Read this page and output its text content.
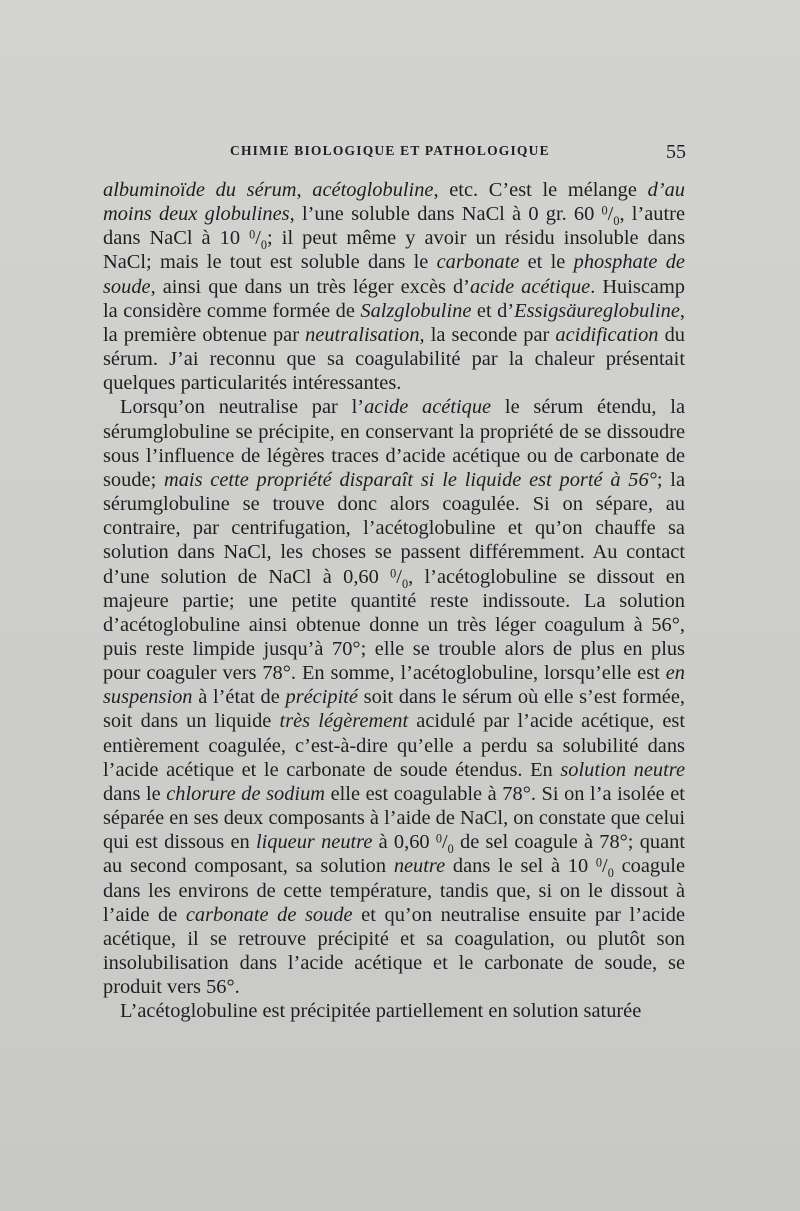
CHIMIE BIOLOGIQUE ET PATHOLOGIQUE	55

albuminoïde du sérum, acétoglobuline, etc. C’est le mélange d’au moins deux globulines, l’une soluble dans NaCl à 0 gr. 60 $^0/_0$, l’autre dans NaCl à 10 $^0/_0$; il peut même y avoir un résidu insoluble dans NaCl; mais le tout est soluble dans le carbonate et le phosphate de soude, ainsi que dans un très léger excès d’acide acétique. Huiscamp la considère comme formée de Salzglobuline et d’Essigsäureglobuline, la première obtenue par neutralisation, la seconde par acidification du sérum. J’ai reconnu que sa coagulabilité par la chaleur présentait quelques particularités intéressantes.

Lorsqu’on neutralise par l’acide acétique le sérum étendu, la sérumglobuline se précipite, en conservant la propriété de se dissoudre sous l’influence de légères traces d’acide acétique ou de carbonate de soude; mais cette propriété disparaît si le liquide est porté à 56°; la sérumglobuline se trouve donc alors coagulée. Si on sépare, au contraire, par centrifugation, l’acétoglobuline et qu’on chauffe sa solution dans NaCl, les choses se passent différemment. Au contact d’une solution de NaCl à 0,60 $^0/_0$, l’acétoglobuline se dissout en majeure partie; une petite quantité reste indissoute. La solution d’acétoglobuline ainsi obtenue donne un très léger coagulum à 56°, puis reste limpide jusqu’à 70°; elle se trouble alors de plus en plus pour coaguler vers 78°. En somme, l’acétoglobuline, lorsqu’elle est en suspension à l’état de précipité soit dans le sérum où elle s’est formée, soit dans un liquide très légèrement acidulé par l’acide acétique, est entièrement coagulée, c’est-à-dire qu’elle a perdu sa solubilité dans l’acide acétique et le carbonate de soude étendus. En solution neutre dans le chlorure de sodium elle est coagulable à 78°. Si on l’a isolée et séparée en ses deux composants à l’aide de NaCl, on constate que celui qui est dissous en liqueur neutre à 0,60 $^0/_0$ de sel coagule à 78°; quant au second composant, sa solution neutre dans le sel à 10 $^0/_0$ coagule dans les environs de cette température, tandis que, si on le dissout à l’aide de carbonate de soude et qu’on neutralise ensuite par l’acide acétique, il se retrouve précipité et sa coagulation, ou plutôt son insolubilisation dans l’acide acétique et le carbonate de soude, se produit vers 56°.

L’acétoglobuline est précipitée partiellement en solution saturée
